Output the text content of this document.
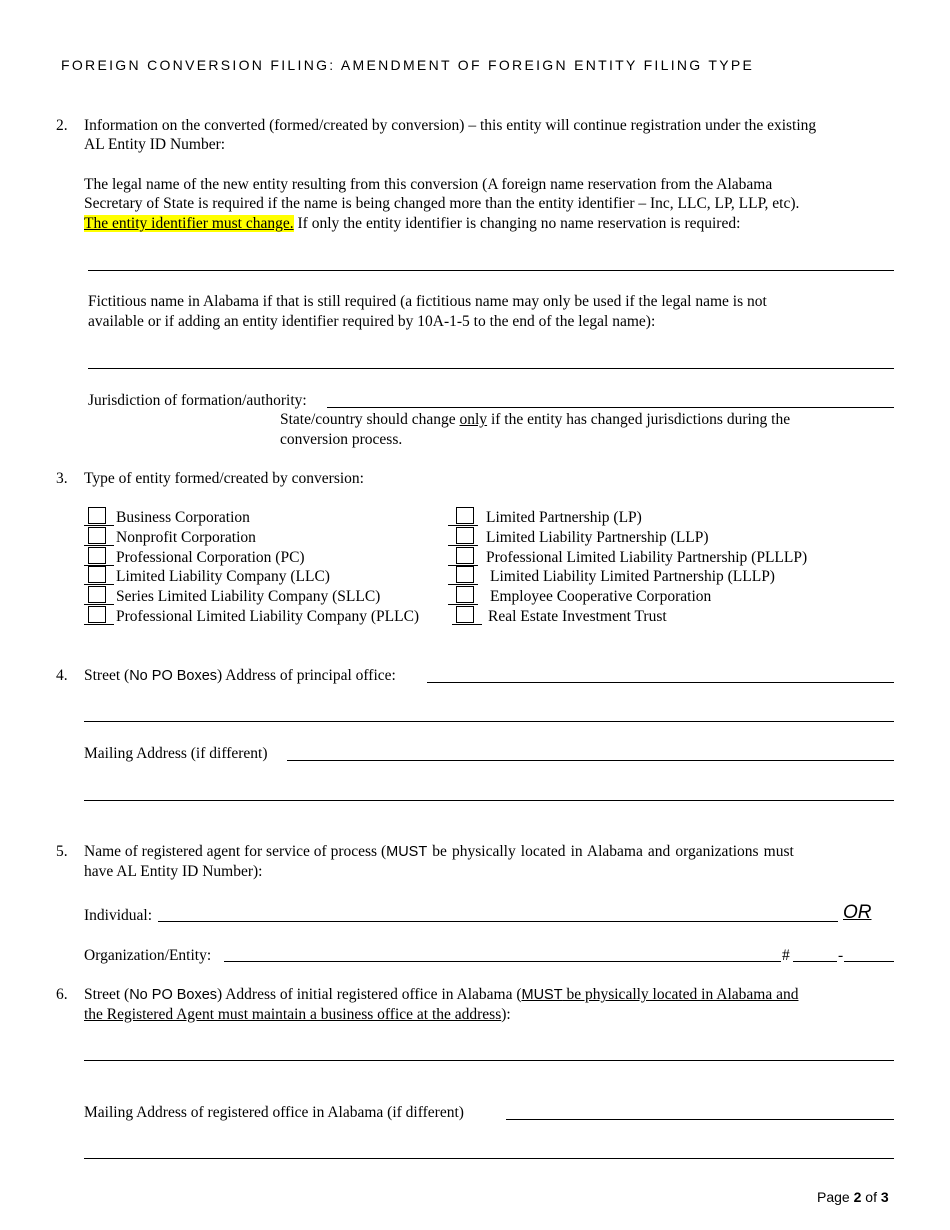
FOREIGN CONVERSION FILING: AMENDMENT OF FOREIGN ENTITY FILING TYPE
2. Information on the converted (formed/created by conversion) – this entity will continue registration under the existing
AL Entity ID Number:
The legal name of the new entity resulting from this conversion (A foreign name reservation from the Alabama
Secretary of State is required if the name is being changed more than the entity identifier – Inc, LLC, LP, LLP, etc).
The entity identifier must change. If only the entity identifier is changing no name reservation is required:
Fictitious name in Alabama if that is still required (a fictitious name may only be used if the legal name is not
available or if adding an entity identifier required by 10A-1-5 to the end of the legal name):
Jurisdiction of formation/authority:
State/country should change only if the entity has changed jurisdictions during the
conversion process.
3. Type of entity formed/created by conversion:
Business Corporation
Nonprofit Corporation
Professional Corporation (PC)
Limited Liability Company (LLC)
Series Limited Liability Company (SLLC)
Professional Limited Liability Company (PLLC)
Limited Partnership (LP)
Limited Liability Partnership (LLP)
Professional Limited Liability Partnership (PLLLP)
Limited Liability Limited Partnership (LLLP)
Employee Cooperative Corporation
Real Estate Investment Trust
4. Street (No PO Boxes) Address of principal office:
Mailing Address (if different)
5. Name of registered agent for service of process (MUST be physically located in Alabama and organizations must
have AL Entity ID Number):
Individual:	OR
Organization/Entity:	#	-
6. Street (No PO Boxes) Address of initial registered office in Alabama (MUST be physically located in Alabama and
the Registered Agent must maintain a business office at the address):
Mailing Address of registered office in Alabama (if different)
Page 2 of 3
